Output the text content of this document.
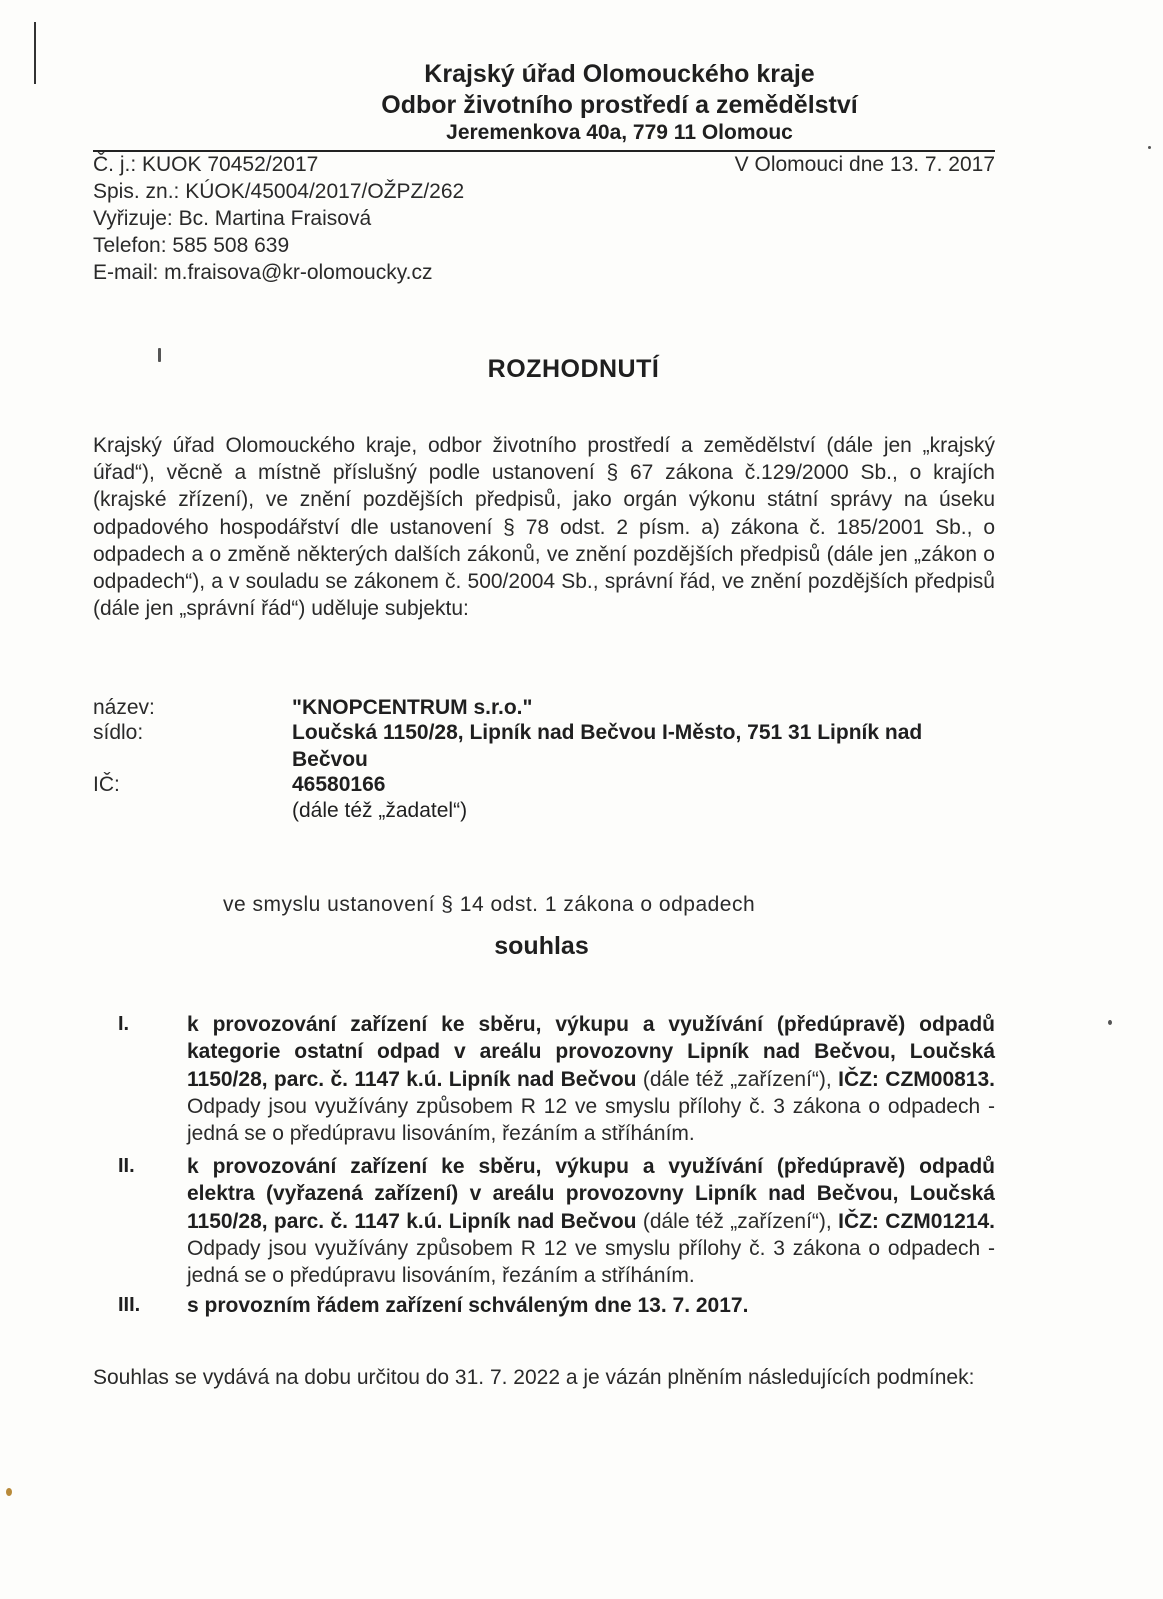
Krajský úřad Olomouckého kraje
Odbor životního prostředí a zemědělství
Jeremenkova 40a, 779 11 Olomouc
Č. j.: KUOK 70452/2017	V Olomouci dne 13. 7. 2017
Spis. zn.: KÚOK/45004/2017/OŽPZ/262
Vyřizuje: Bc. Martina Fraisová
Telefon: 585 508 639
E-mail: m.fraisova@kr-olomoucky.cz
ROZHODNUTÍ
Krajský úřad Olomouckého kraje, odbor životního prostředí a zemědělství (dále jen „krajský úřad“), věcně a místně příslušný podle ustanovení § 67 zákona č.129/2000 Sb., o krajích (krajské zřízení), ve znění pozdějších předpisů, jako orgán výkonu státní správy na úseku odpadového hospodářství dle ustanovení § 78 odst. 2 písm. a) zákona č. 185/2001 Sb., o odpadech a o změně některých dalších zákonů, ve znění pozdějších předpisů (dále jen „zákon o odpadech“), a v souladu se zákonem č. 500/2004 Sb., správní řád, ve znění pozdějších předpisů (dále jen „správní řád“) uděluje subjektu:
název:	"KNOPCENTRUM s.r.o."
sídlo:	Loučská 1150/28, Lipník nad Bečvou I-Město, 751 31 Lipník nad Bečvou
IČ:	46580166
(dále též „žadatel“)
ve smyslu ustanovení § 14 odst. 1 zákona o odpadech
souhlas
I.	k provozování zařízení ke sběru, výkupu a využívání (předúpravě) odpadů kategorie ostatní odpad v areálu provozovny Lipník nad Bečvou, Loučská 1150/28, parc. č. 1147 k.ú. Lipník nad Bečvou (dále též „zařízení“), IČZ: CZM00813. Odpady jsou využívány způsobem R 12 ve smyslu přílohy č. 3 zákona o odpadech - jedná se o předúpravu lisováním, řezáním a stříháním.
II. k provozování zařízení ke sběru, výkupu a využívání (předúpravě) odpadů elektra (vyřazená zařízení) v areálu provozovny Lipník nad Bečvou, Loučská 1150/28, parc. č. 1147 k.ú. Lipník nad Bečvou (dále též „zařízení“), IČZ: CZM01214. Odpady jsou využívány způsobem R 12 ve smyslu přílohy č. 3 zákona o odpadech - jedná se o předúpravu lisováním, řezáním a stříháním.
III. s provozním řádem zařízení schváleným dne 13. 7. 2017.
Souhlas se vydává na dobu určitou do 31. 7. 2022 a je vázán plněním následujících podmínek:
